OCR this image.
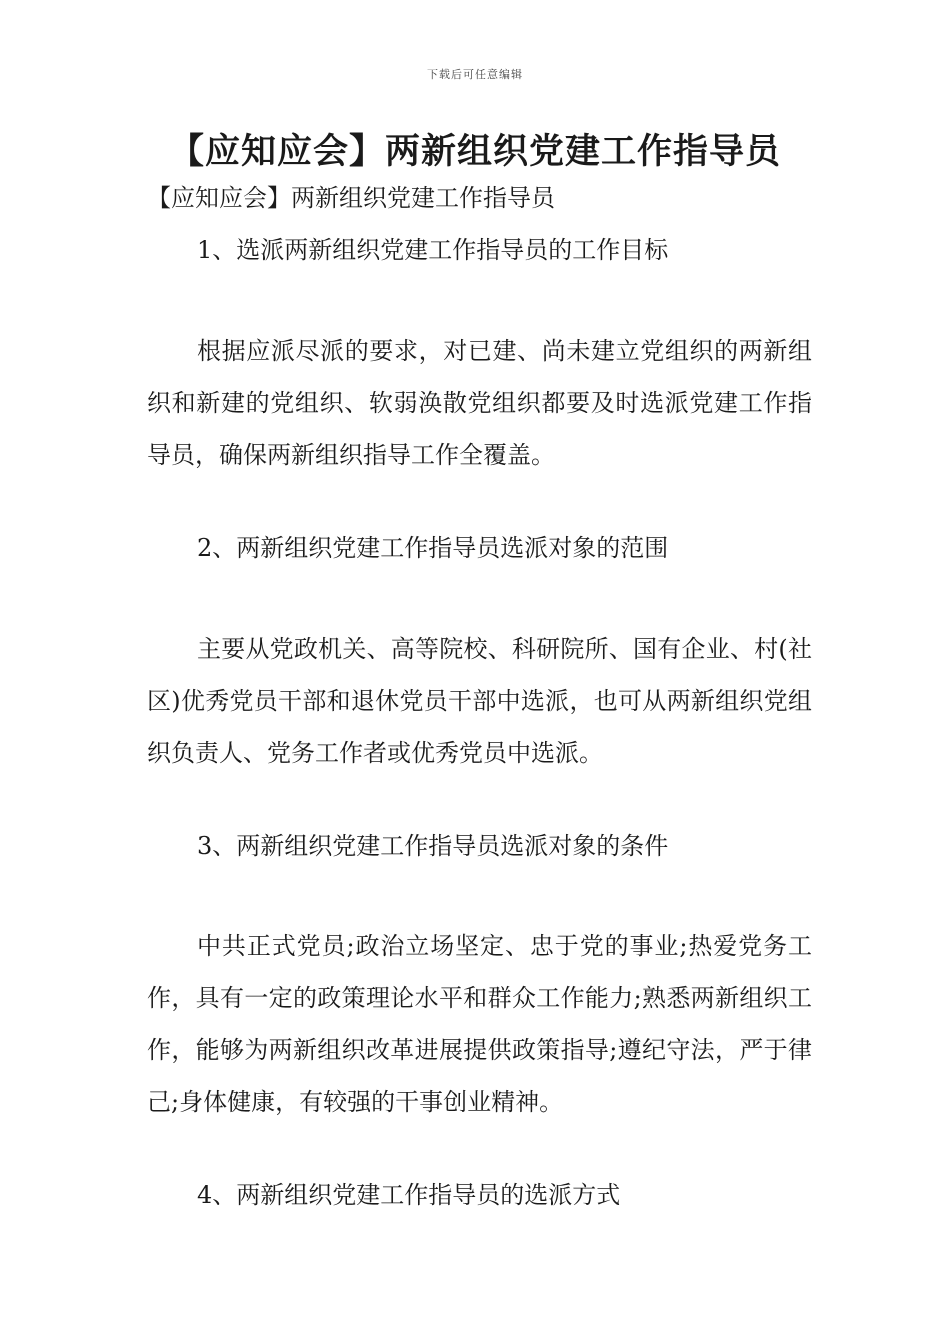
下载后可任意编辑
【应知应会】两新组织党建工作指导员
【应知应会】两新组织党建工作指导员
1、选派两新组织党建工作指导员的工作目标
根据应派尽派的要求，对已建、尚未建立党组织的两新组织和新建的党组织、软弱涣散党组织都要及时选派党建工作指导员，确保两新组织指导工作全覆盖。
2、两新组织党建工作指导员选派对象的范围
主要从党政机关、高等院校、科研院所、国有企业、村(社区)优秀党员干部和退休党员干部中选派，也可从两新组织党组织负责人、党务工作者或优秀党员中选派。
3、两新组织党建工作指导员选派对象的条件
中共正式党员;政治立场坚定、忠于党的事业;热爱党务工作，具有一定的政策理论水平和群众工作能力;熟悉两新组织工作，能够为两新组织改革进展提供政策指导;遵纪守法，严于律己;身体健康，有较强的干事创业精神。
4、两新组织党建工作指导员的选派方式
